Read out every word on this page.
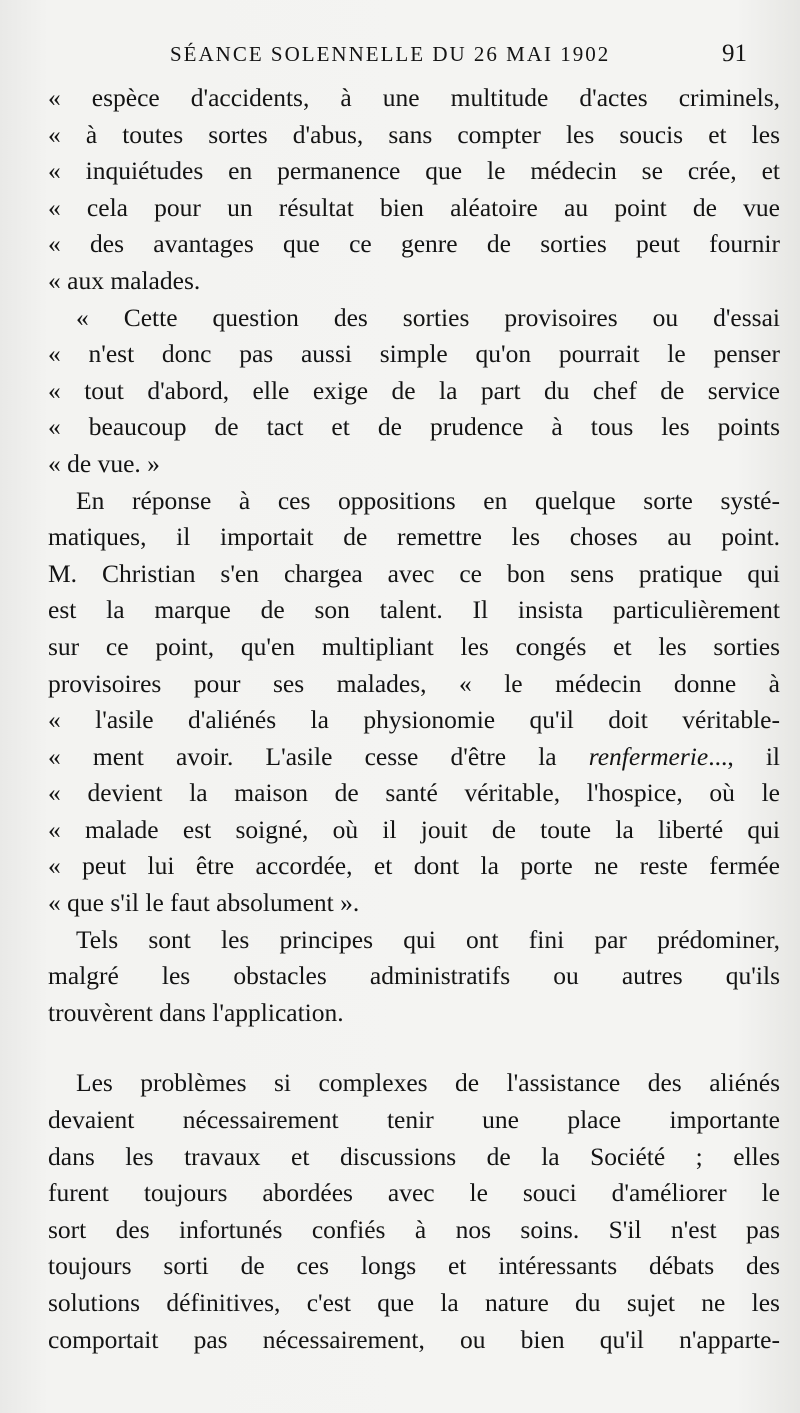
SÉANCE SOLENNELLE DU 26 MAI 1902	91
« espèce d'accidents, à une multitude d'actes criminels,
« à toutes sortes d'abus, sans compter les soucis et les
« inquiétudes en permanence que le médecin se crée, et
« cela pour un résultat bien aléatoire au point de vue
« des avantages que ce genre de sorties peut fournir
« aux malades.
« Cette question des sorties provisoires ou d'essai
« n'est donc pas aussi simple qu'on pourrait le penser
« tout d'abord, elle exige de la part du chef de service
« beaucoup de tact et de prudence à tous les points
« de vue. »
En réponse à ces oppositions en quelque sorte systé-
matiques, il importait de remettre les choses au point.
M. Christian s'en chargea avec ce bon sens pratique qui
est la marque de son talent. Il insista particulièrement
sur ce point, qu'en multipliant les congés et les sorties
provisoires pour ses malades, « le médecin donne à
« l'asile d'aliénés la physionomie qu'il doit véritable-
« ment avoir. L'asile cesse d'être la renfermerie..., il
« devient la maison de santé véritable, l'hospice, où le
« malade est soigné, où il jouit de toute la liberté qui
« peut lui être accordée, et dont la porte ne reste fermée
« que s'il le faut absolument ».
Tels sont les principes qui ont fini par prédominer,
malgré les obstacles administratifs ou autres qu'ils
trouvèrent dans l'application.
Les problèmes si complexes de l'assistance des aliénés
devaient nécessairement tenir une place importante
dans les travaux et discussions de la Société ; elles
furent toujours abordées avec le souci d'améliorer le
sort des infortunés confiés à nos soins. S'il n'est pas
toujours sorti de ces longs et intéressants débats des
solutions définitives, c'est que la nature du sujet ne les
comportait pas nécessairement, ou bien qu'il n'apparte-
